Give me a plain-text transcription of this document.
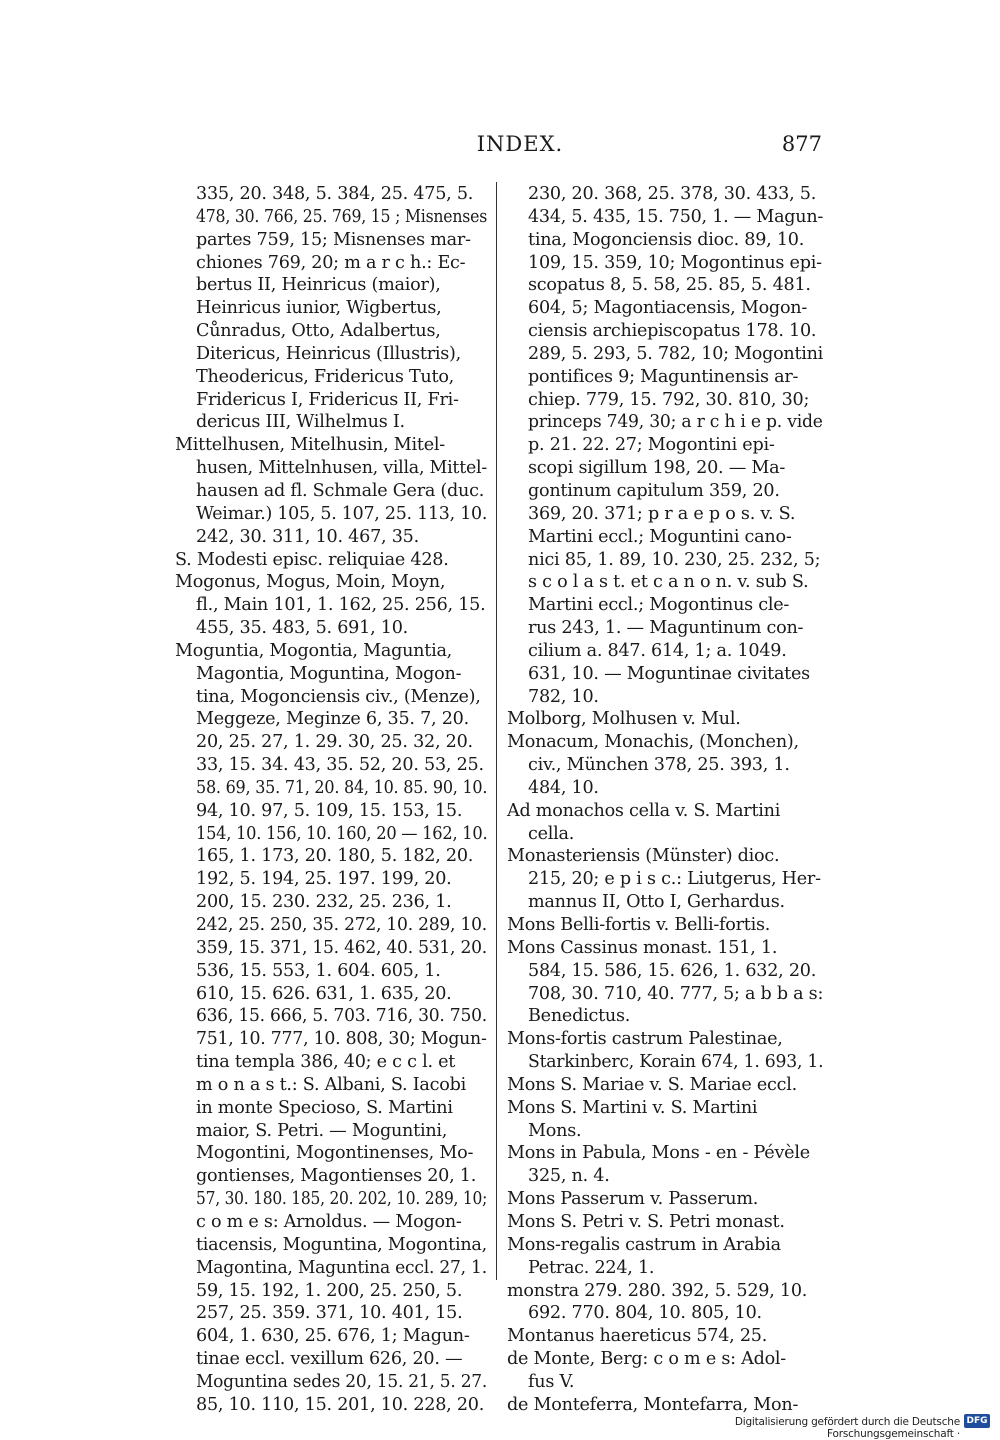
INDEX.	877
335, 20. 348, 5. 384, 25. 475, 5.
478, 30. 766, 25. 769, 15 ; Misnenses
partes 759, 15; Misnenses mar-
chiones 769, 20; m a r c h.: Ec-
bertus II, Heinricus (maior),
Heinricus iunior, Wigbertus,
Cůnradus, Otto, Adalbertus,
Ditericus, Heinricus (Illustris),
Theodericus, Fridericus Tuto,
Fridericus I, Fridericus II, Fri-
dericus III, Wilhelmus I.
Mittelhusen, Mitelhusin, Mitel-
husen, Mittelnhusen, villa, Mittel-
hausen ad fl. Schmale Gera (duc.
Weimar.) 105, 5. 107, 25. 113, 10.
242, 30. 311, 10. 467, 35.
S. Modesti episc. reliquiae 428.
Mogonus, Mogus, Moin, Moyn,
fl., Main 101, 1. 162, 25. 256, 15.
455, 35. 483, 5. 691, 10.
Moguntia, Mogontia, Maguntia,
Magontia, Moguntina, Mogon-
tina, Mogonciensis civ., (Menze),
Meggeze, Meginze 6, 35. 7, 20.
20, 25. 27, 1. 29. 30, 25. 32, 20.
33, 15. 34. 43, 35. 52, 20. 53, 25.
58. 69, 35. 71, 20. 84, 10. 85. 90, 10.
94, 10. 97, 5. 109, 15. 153, 15.
154, 10. 156, 10. 160, 20 — 162, 10.
165, 1. 173, 20. 180, 5. 182, 20.
192, 5. 194, 25. 197. 199, 20.
200, 15. 230. 232, 25. 236, 1.
242, 25. 250, 35. 272, 10. 289, 10.
359, 15. 371, 15. 462, 40. 531, 20.
536, 15. 553, 1. 604. 605, 1.
610, 15. 626. 631, 1. 635, 20.
636, 15. 666, 5. 703. 716, 30. 750.
751, 10. 777, 10. 808, 30; Mogun-
tina templa 386, 40; e c c l. et
m o n a s t.: S. Albani, S. Iacobi
in monte Specioso, S. Martini
maior, S. Petri. — Moguntini,
Mogontini, Mogontinenses, Mo-
gontienses, Magontienses 20, 1.
57, 30. 180. 185, 20. 202, 10. 289, 10;
c o m e s: Arnoldus. — Mogon-
tiacensis, Moguntina, Mogontina,
Magontina, Maguntina eccl. 27, 1.
59, 15. 192, 1. 200, 25. 250, 5.
257, 25. 359. 371, 10. 401, 15.
604, 1. 630, 25. 676, 1; Magun-
tinae eccl. vexillum 626, 20. —
Moguntina sedes 20, 15. 21, 5. 27.
85, 10. 110, 15. 201, 10. 228, 20.
230, 20. 368, 25. 378, 30. 433, 5.
434, 5. 435, 15. 750, 1. — Magun-
tina, Mogonciensis dioc. 89, 10.
109, 15. 359, 10; Mogontinus epi-
scopatus 8, 5. 58, 25. 85, 5. 481.
604, 5; Magontiacensis, Mogon-
ciensis archiepiscopatus 178. 10.
289, 5. 293, 5. 782, 10; Mogontini
pontifices 9; Maguntinensis ar-
chiep. 779, 15. 792, 30. 810, 30;
princeps 749, 30; a r c h i e p. vide
p. 21. 22. 27; Mogontini epi-
scopi sigillum 198, 20. — Ma-
gontinum capitulum 359, 20.
369, 20. 371; p r a e p o s. v. S.
Martini eccl.; Moguntini cano-
nici 85, 1. 89, 10. 230, 25. 232, 5;
s c o l a s t. et c a n o n. v. sub S.
Martini eccl.; Mogontinus cle-
rus 243, 1. — Maguntinum con-
cilium a. 847. 614, 1; a. 1049.
631, 10. — Moguntinae civitates
782, 10.
Molborg, Molhusen v. Mul.
Monacum, Monachis, (Monchen),
civ., München 378, 25. 393, 1.
484, 10.
Ad monachos cella v. S. Martini
cella.
Monasteriensis (Münster) dioc.
215, 20; e p i s c.: Liutgerus, Her-
mannus II, Otto I, Gerhardus.
Mons Belli-fortis v. Belli-fortis.
Mons Cassinus monast. 151, 1.
584, 15. 586, 15. 626, 1. 632, 20.
708, 30. 710, 40. 777, 5; a b b a s:
Benedictus.
Mons-fortis castrum Palestinae,
Starkinberc, Korain 674, 1. 693, 1.
Mons S. Mariae v. S. Mariae eccl.
Mons S. Martini v. S. Martini
Mons.
Mons in Pabula, Mons - en - Pévèle
325, n. 4.
Mons Passerum v. Passerum.
Mons S. Petri v. S. Petri monast.
Mons-regalis castrum in Arabia
Petrac. 224, 1.
monstra 279. 280. 392, 5. 529, 10.
692. 770. 804, 10. 805, 10.
Montanus haereticus 574, 25.
de Monte, Berg: c o m e s: Adol-
fus V.
de Monteferra, Montefarra, Mon-
Digitalisierung gefördert durch die Deutsche Forschungsgemeinschaft ·
DFG
